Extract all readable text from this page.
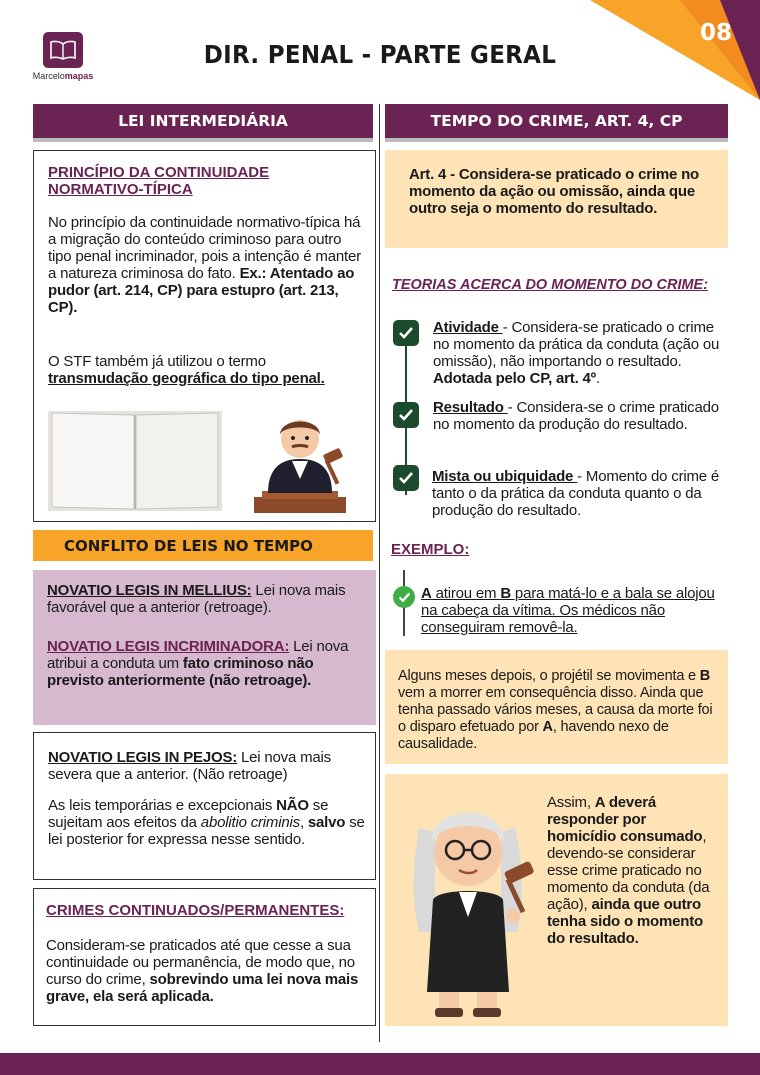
08
Marcelomapas
DIR. PENAL - PARTE GERAL
LEI INTERMEDIÁRIA
PRINCÍPIO DA CONTINUIDADE NORMATIVO-TÍPICA
No princípio da continuidade normativo-típica há a migração do conteúdo criminoso para outro tipo penal incriminador, pois a intenção é manter a natureza criminosa do fato. Ex.: Atentado ao pudor (art. 214, CP) para estupro (art. 213, CP).
O STF também já utilizou o termo transmudação geográfica do tipo penal.
CONFLITO DE LEIS NO TEMPO
NOVATIO LEGIS IN MELLIUS: Lei nova mais favorável que a anterior (retroage).
NOVATIO LEGIS INCRIMINADORA: Lei nova atribui a conduta um fato criminoso não previsto anteriormente (não retroage).
NOVATIO LEGIS IN PEJOS: Lei nova mais severa que a anterior. (Não retroage)
As leis temporárias e excepcionais NÃO se sujeitam aos efeitos da abolitio criminis, salvo se lei posterior for expressa nesse sentido.
CRIMES CONTINUADOS/PERMANENTES:
Consideram-se praticados até que cesse a sua continuidade ou permanência, de modo que, no curso do crime, sobrevindo uma lei nova mais grave, ela será aplicada.
TEMPO DO CRIME, ART. 4, CP
Art. 4 - Considera-se praticado o crime no momento da ação ou omissão, ainda que outro seja o momento do resultado.
TEORIAS ACERCA DO MOMENTO DO CRIME:
Atividade - Considera-se praticado o crime no momento da prática da conduta (ação ou omissão), não importando o resultado. Adotada pelo CP, art. 4º.
Resultado - Considera-se o crime praticado no momento da produção do resultado.
Mista ou ubiquidade - Momento do crime é tanto o da prática da conduta quanto o da produção do resultado.
EXEMPLO:
A atirou em B para matá-lo e a bala se alojou na cabeça da vítima. Os médicos não conseguiram removê-la.
Alguns meses depois, o projétil se movimenta e B vem a morrer em consequência disso. Ainda que tenha passado vários meses, a causa da morte foi o disparo efetuado por A, havendo nexo de causalidade.
Assim, A deverá responder por homicídio consumado, devendo-se considerar esse crime praticado no momento da conduta (da ação), ainda que outro tenha sido o momento do resultado.
